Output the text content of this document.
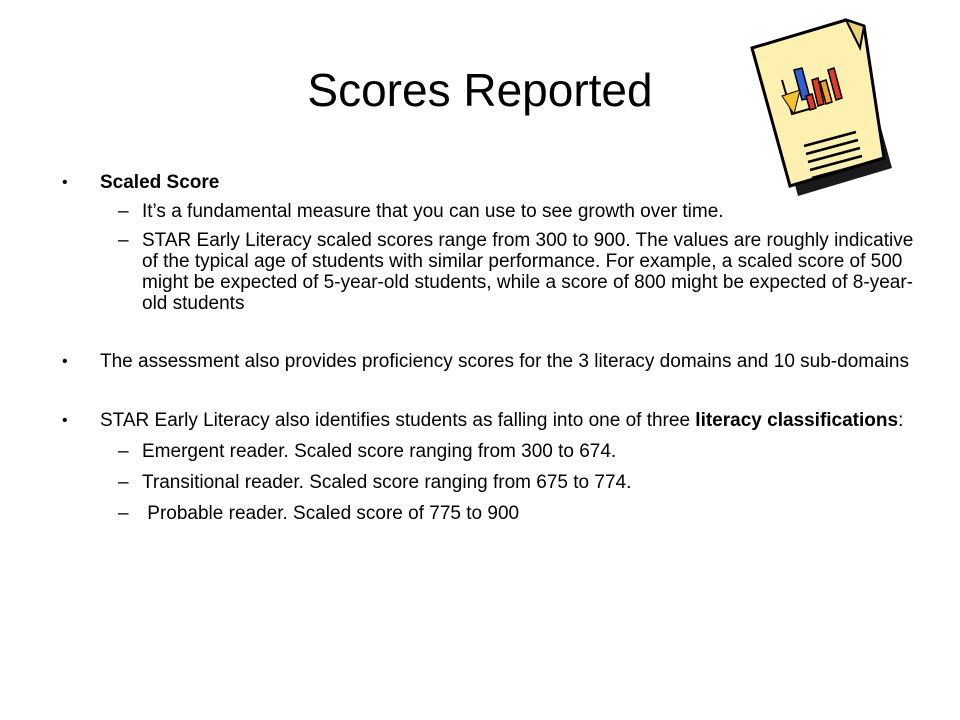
Scores Reported
• Scaled Score
– It’s a fundamental measure that you can use to see growth over time.
– STAR Early Literacy scaled scores range from 300 to 900. The values are roughly indicative of the typical age of students with similar performance. For example, a scaled score of 500 might be expected of 5-year-old students, while a score of 800 might be expected of 8-year-old students
• The assessment also provides proficiency scores for the 3 literacy domains and 10 sub-domains
• STAR Early Literacy also identifies students as falling into one of three literacy classifications:
– Emergent reader. Scaled score ranging from 300 to 674.
– Transitional reader. Scaled score ranging from 675 to 774.
– Probable reader. Scaled score of 775 to 900
